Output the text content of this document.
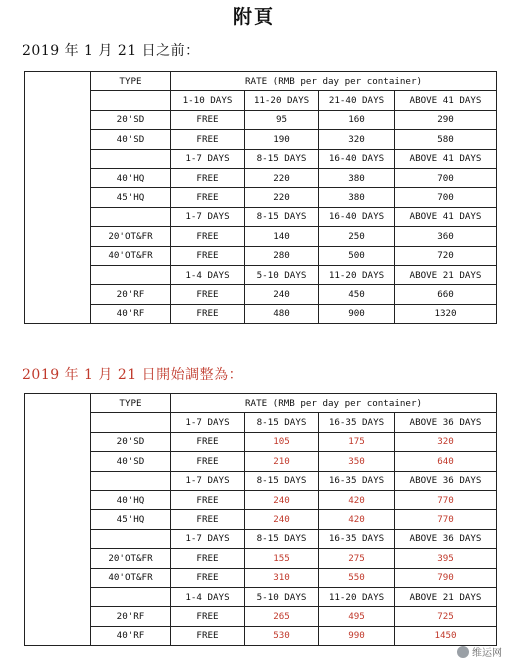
附頁
2019 年 1 月 21 日之前：
	TYPE	RATE (RMB per day per container)			
		1-10 DAYS	11-20 DAYS	21-40 DAYS	ABOVE 41 DAYS
	20'SD	FREE	95	160	290
	40'SD	FREE	190	320	580
		1-7 DAYS	8-15 DAYS	16-40 DAYS	ABOVE 41 DAYS
	40'HQ	FREE	220	380	700
	45'HQ	FREE	220	380	700
		1-7 DAYS	8-15 DAYS	16-40 DAYS	ABOVE 41 DAYS
	20'OT&FR	FREE	140	250	360
	40'OT&FR	FREE	280	500	720
		1-4 DAYS	5-10 DAYS	11-20 DAYS	ABOVE 21 DAYS
	20'RF	FREE	240	450	660
	40'RF	FREE	480	900	1320
2019 年 1 月 21 日開始調整為：
	TYPE	RATE (RMB per day per container)			
		1-7 DAYS	8-15 DAYS	16-35 DAYS	ABOVE 36 DAYS
	20'SD	FREE	105	175	320
	40'SD	FREE	210	350	640
		1-7 DAYS	8-15 DAYS	16-35 DAYS	ABOVE 36 DAYS
	40'HQ	FREE	240	420	770
	45'HQ	FREE	240	420	770
		1-7 DAYS	8-15 DAYS	16-35 DAYS	ABOVE 36 DAYS
	20'OT&FR	FREE	155	275	395
	40'OT&FR	FREE	310	550	790
		1-4 DAYS	5-10 DAYS	11-20 DAYS	ABOVE 21 DAYS
	20'RF	FREE	265	495	725
	40'RF	FREE	530	990	1450
维运网
